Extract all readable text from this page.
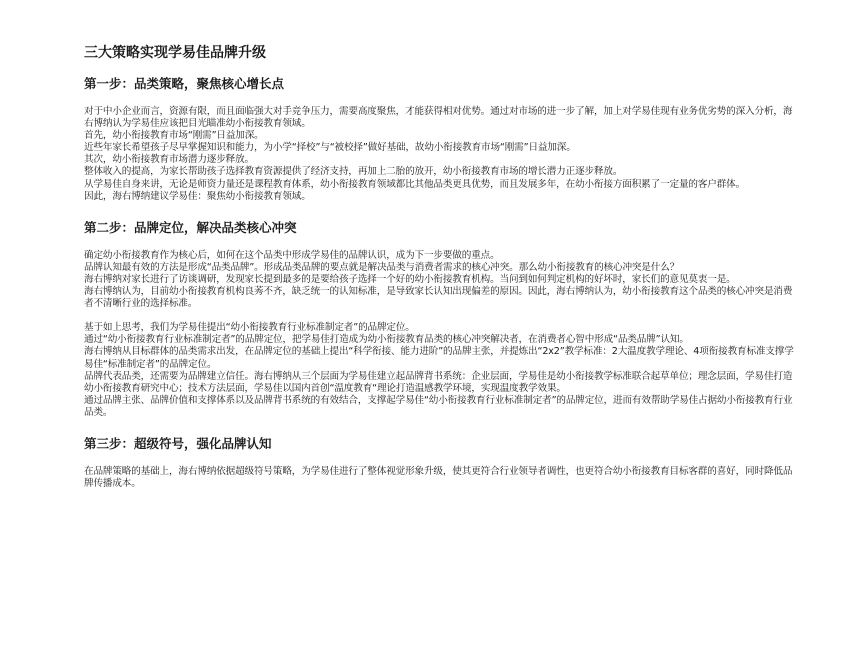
三大策略实现学易佳品牌升级
第一步：品类策略，聚焦核心增长点

对于中小企业而言，资源有限，而且面临强大对手竞争压力，需要高度聚焦，才能获得相对优势。通过对市场的进一步了解，加上对学易佳现有业务优劣势的深入分析，海右博纳认为学易佳应该把目光瞄准幼小衔接教育领域。

首先，幼小衔接教育市场“刚需”日益加深。

近些年家长希望孩子尽早掌握知识和能力，为小学“择校”与“被校择”做好基础，故幼小衔接教育市场“刚需”日益加深。

其次，幼小衔接教育市场潜力逐步释放。

整体收入的提高，为家长帮助孩子选择教育资源提供了经济支持，再加上二胎的放开，幼小衔接教育市场的增长潜力正逐步释放。

从学易佳自身来讲，无论是师资力量还是课程教育体系，幼小衔接教育领域都比其他品类更具优势，而且发展多年，在幼小衔接方面积累了一定量的客户群体。

因此，海右博纳建议学易佳：聚焦幼小衔接教育领域。

第二步：品牌定位，解决品类核心冲突

确定幼小衔接教育作为核心后，如何在这个品类中形成学易佳的品牌认识，成为下一步要做的重点。

品牌认知最有效的方法是形成“品类品牌”。形成品类品牌的要点就是解决品类与消费者需求的核心冲突。那么幼小衔接教育的核心冲突是什么？

海右博纳对家长进行了访谈调研，发现家长提到最多的是要给孩子选择一个好的幼小衔接教育机构。当问到如何判定机构的好坏时，家长们的意见莫衷一是。

海右博纳认为，目前幼小衔接教育机构良莠不齐，缺乏统一的认知标准，是导致家长认知出现偏差的原因。因此，海右博纳认为，幼小衔接教育这个品类的核心冲突是消费者不清晰行业的选择标准。

基于如上思考，我们为学易佳提出“幼小衔接教育行业标准制定者”的品牌定位。

通过“幼小衔接教育行业标准制定者”的品牌定位，把学易佳打造成为幼小衔接教育品类的核心冲突解决者，在消费者心智中形成“品类品牌”认知。

海右博纳从目标群体的品类需求出发，在品牌定位的基础上提出“科学衔接、能力进阶”的品牌主张，并提炼出“2x2”教学标准：2大温度教学理论、4项衔接教育标准支撑学易佳“标准制定者”的品牌定位。

品牌代表品类，还需要为品牌建立信任。海右博纳从三个层面为学易佳建立起品牌背书系统：企业层面，学易佳是幼小衔接教学标准联合起草单位；理念层面，学易佳打造幼小衔接教育研究中心；技术方法层面，学易佳以国内首创“温度教育“理论打造温感教学环境，实现温度教学效果。

通过品牌主张、品牌价值和支撑体系以及品牌背书系统的有效结合，支撑起学易佳“幼小衔接教育行业标准制定者”的品牌定位，进而有效帮助学易佳占据幼小衔接教育行业品类。

第三步：超级符号，强化品牌认知

在品牌策略的基础上，海右博纳依据超级符号策略，为学易佳进行了整体视觉形象升级，使其更符合行业领导者调性，也更符合幼小衔接教育目标客群的喜好，同时降低品牌传播成本。
